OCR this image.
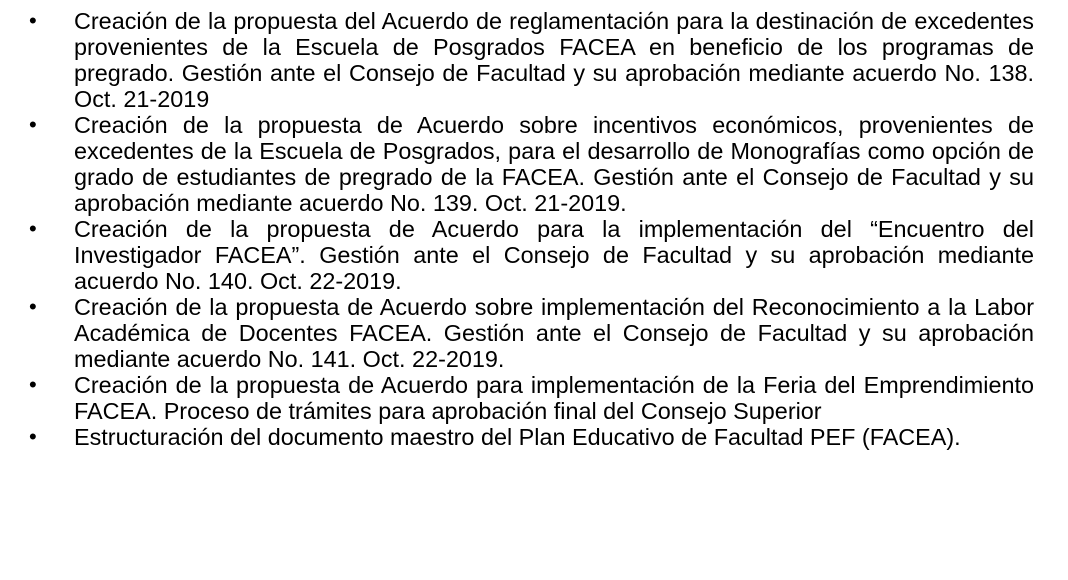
• Creación de la propuesta del Acuerdo de reglamentación para la destinación de excedentes provenientes de la Escuela de Posgrados FACEA en beneficio de los programas de pregrado. Gestión ante el Consejo de Facultad y su aprobación mediante acuerdo No. 138. Oct. 21-2019
• Creación de la propuesta de Acuerdo sobre incentivos económicos, provenientes de excedentes de la Escuela de Posgrados, para el desarrollo de Monografías como opción de grado de estudiantes de pregrado de la FACEA. Gestión ante el Consejo de Facultad y su aprobación mediante acuerdo No. 139. Oct. 21-2019.
• Creación de la propuesta de Acuerdo para la implementación del “Encuentro del Investigador FACEA”. Gestión ante el Consejo de Facultad y su aprobación mediante acuerdo No. 140. Oct. 22-2019.
• Creación de la propuesta de Acuerdo sobre implementación del Reconocimiento a la Labor Académica de Docentes FACEA. Gestión ante el Consejo de Facultad y su aprobación mediante acuerdo No. 141. Oct. 22-2019.
• Creación de la propuesta de Acuerdo para implementación de la Feria del Emprendimiento FACEA. Proceso de trámites para aprobación final del Consejo Superior
• Estructuración del documento maestro del Plan Educativo de Facultad PEF (FACEA).
